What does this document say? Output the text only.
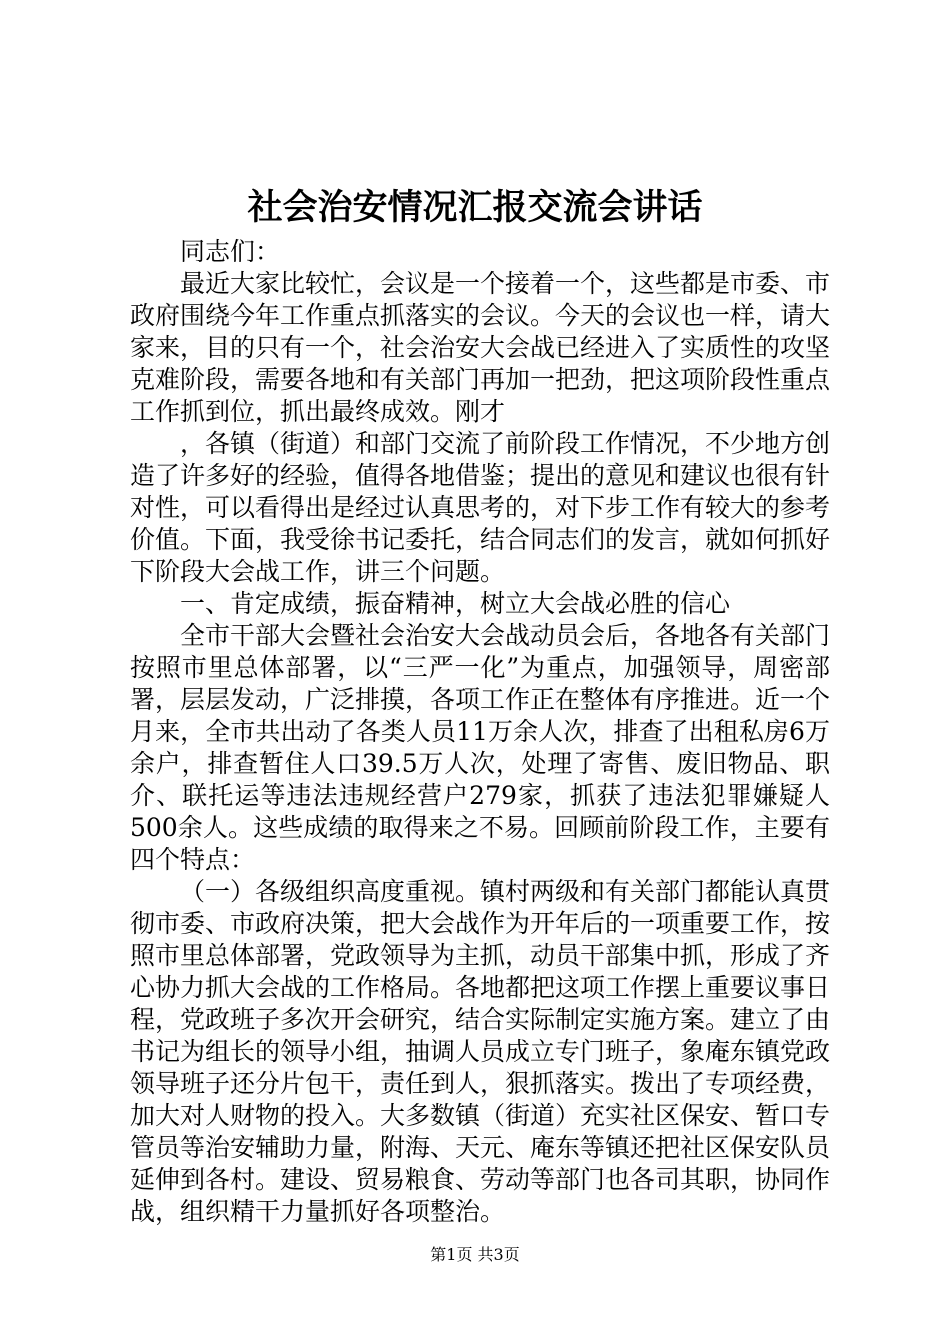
社会治安情况汇报交流会讲话

同志们：

最近大家比较忙，会议是一个接着一个，这些都是市委、市政府围绕今年工作重点抓落实的会议。今天的会议也一样，请大家来，目的只有一个，社会治安大会战已经进入了实质性的攻坚克难阶段，需要各地和有关部门再加一把劲，把这项阶段性重点工作抓到位，抓出最终成效。刚才

，各镇（街道）和部门交流了前阶段工作情况，不少地方创造了许多好的经验，值得各地借鉴；提出的意见和建议也很有针对性，可以看得出是经过认真思考的，对下步工作有较大的参考价值。下面，我受徐书记委托，结合同志们的发言，就如何抓好下阶段大会战工作，讲三个问题。

一、肯定成绩，振奋精神，树立大会战必胜的信心

全市干部大会暨社会治安大会战动员会后，各地各有关部门按照市里总体部署，以“三严一化”为重点，加强领导，周密部署，层层发动，广泛排摸，各项工作正在整体有序推进。近一个月来，全市共出动了各类人员11万余人次，排查了出租私房6万余户，排查暂住人口39.5万人次，处理了寄售、废旧物品、职介、联托运等违法违规经营户279家，抓获了违法犯罪嫌疑人500余人。这些成绩的取得来之不易。回顾前阶段工作，主要有四个特点：

（一）各级组织高度重视。镇村两级和有关部门都能认真贯彻市委、市政府决策，把大会战作为开年后的一项重要工作，按照市里总体部署，党政领导为主抓，动员干部集中抓，形成了齐心协力抓大会战的工作格局。各地都把这项工作摆上重要议事日程，党政班子多次开会研究，结合实际制定实施方案。建立了由书记为组长的领导小组，抽调人员成立专门班子，象庵东镇党政领导班子还分片包干，责任到人，狠抓落实。拨出了专项经费，加大对人财物的投入。大多数镇（街道）充实社区保安、暂口专管员等治安辅助力量，附海、天元、庵东等镇还把社区保安队员延伸到各村。建设、贸易粮食、劳动等部门也各司其职，协同作战，组织精干力量抓好各项整治。

第1页 共3页
